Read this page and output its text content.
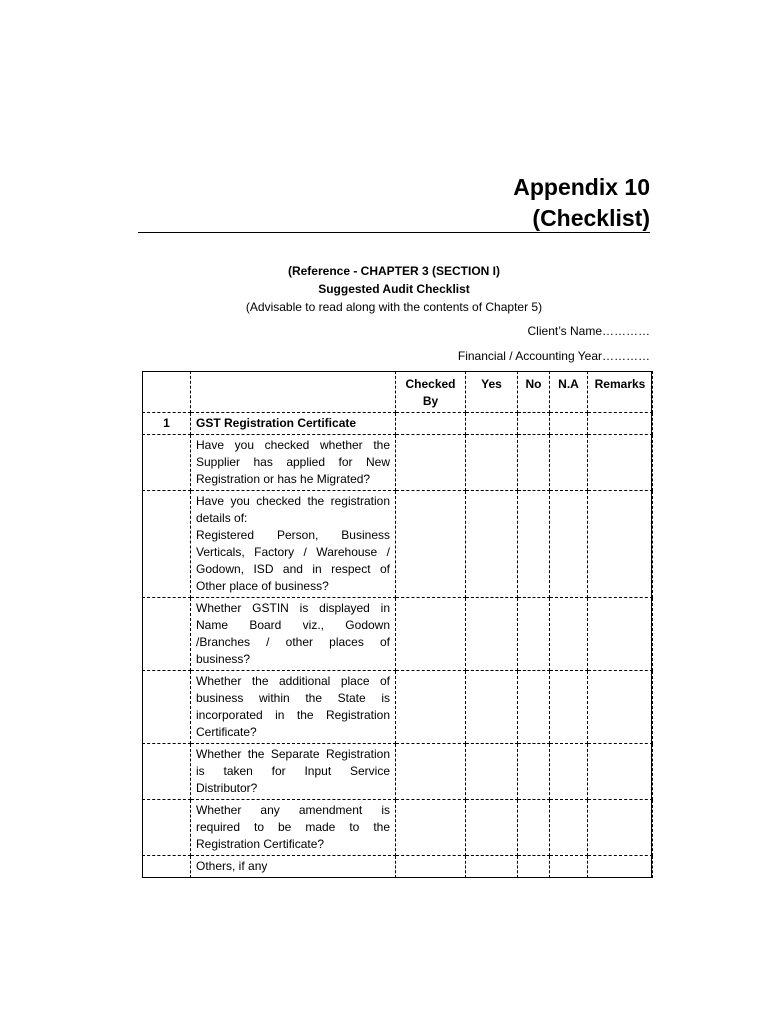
Appendix 10
(Checklist)
(Reference - CHAPTER 3 (SECTION I)
Suggested Audit Checklist
(Advisable to read along with the contents of Chapter 5)
Client’s Name…………
Financial / Accounting Year…………
		Checked By	Yes	No	N.A	Remarks
1	GST Registration Certificate					
	Have you checked whether the Supplier has applied for New Registration or has he Migrated?					
	Have you checked the registration details of:
Registered Person, Business Verticals, Factory / Warehouse / Godown, ISD and in respect of Other place of business?					
	Whether GSTIN is displayed in Name Board viz., Godown /Branches / other places of business?					
	Whether the additional place of business within the State is incorporated in the Registration Certificate?					
	Whether the Separate Registration is taken for Input Service Distributor?					
	Whether any amendment is required to be made to the Registration Certificate?					
	Others, if any					
